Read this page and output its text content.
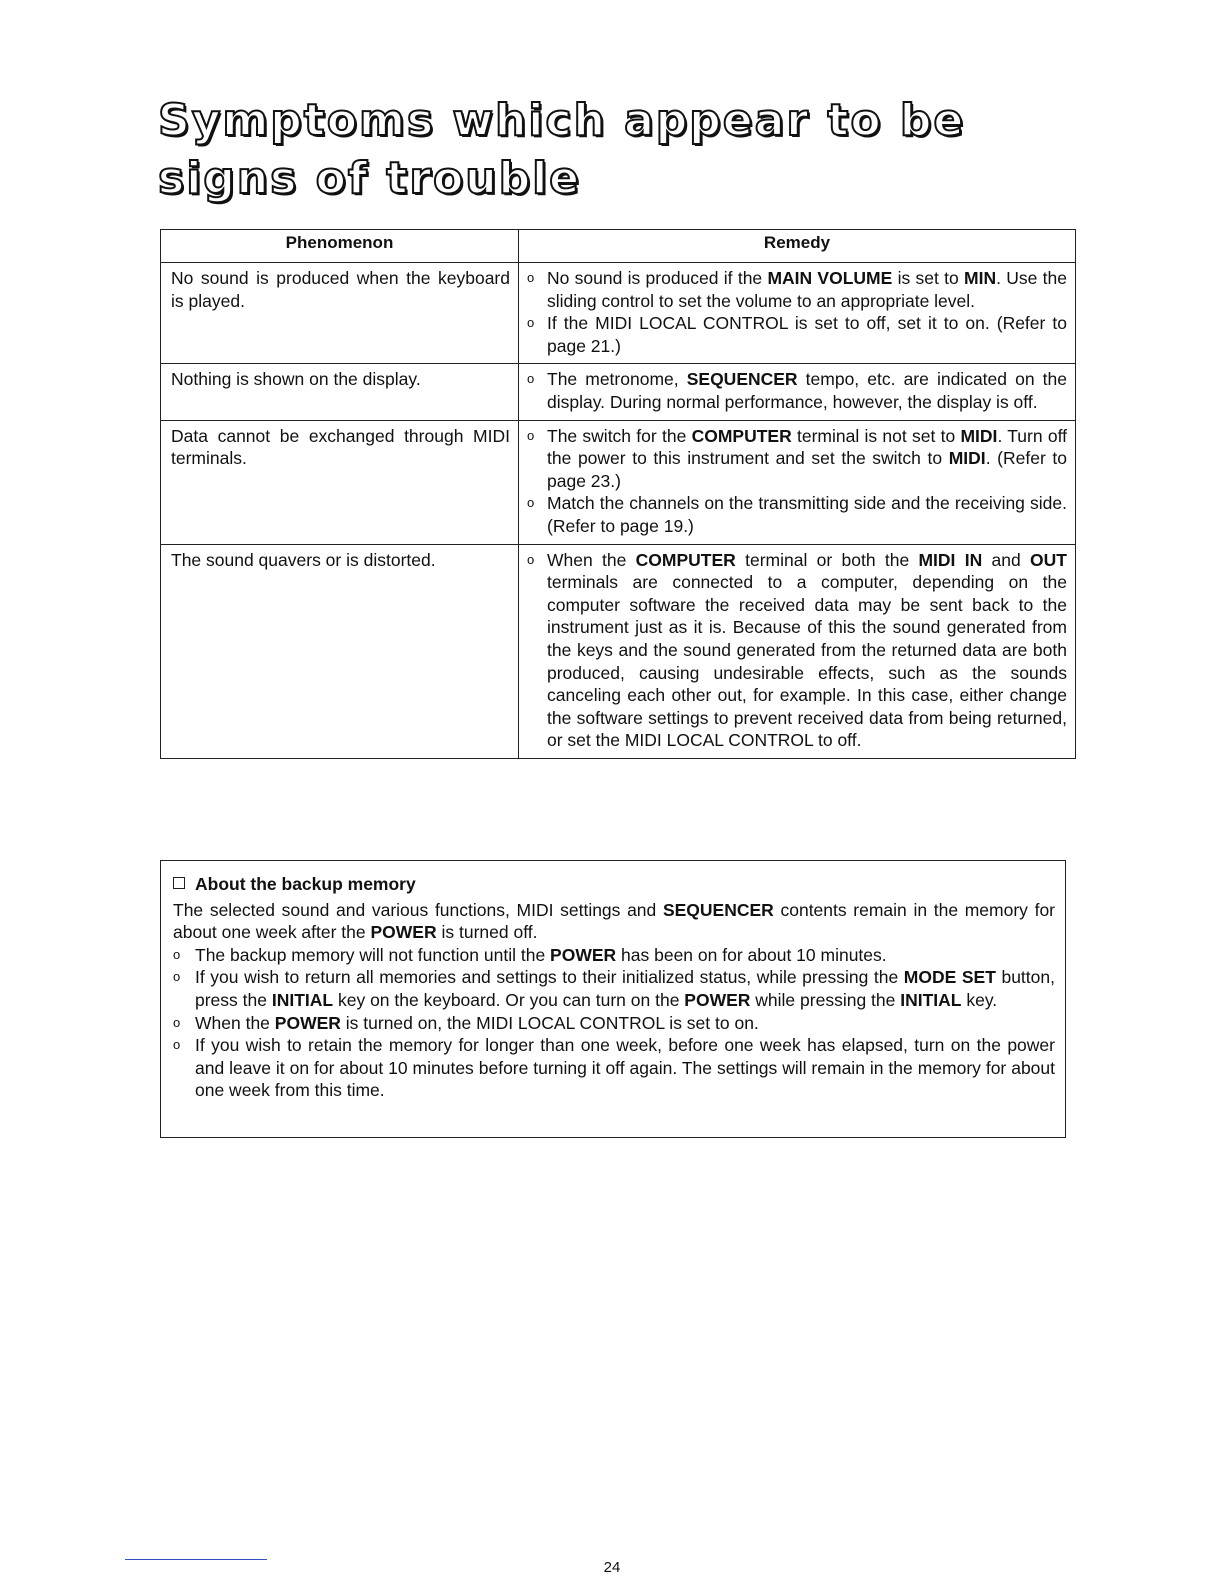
Symptoms which appear to be signs of trouble
Phenomenon	Remedy
No sound is produced when the keyboard is played.	o No sound is produced if the MAIN VOLUME is set to MIN. Use the sliding control to set the volume to an appropriate level.
o If the MIDI LOCAL CONTROL is set to off, set it to on. (Refer to page 21.)

Nothing is shown on the display.	o The metronome, SEQUENCER tempo, etc. are indicated on the display. During normal performance, however, the display is off.

Data cannot be exchanged through MIDI terminals.	o The switch for the COMPUTER terminal is not set to MIDI. Turn off the power to this instrument and set the switch to MIDI. (Refer to page 23.)
o Match the channels on the transmitting side and the receiving side. (Refer to page 19.)

The sound quavers or is distorted.	o When the COMPUTER terminal or both the MIDI IN and OUT terminals are connected to a computer, depending on the computer software the received data may be sent back to the instrument just as it is. Because of this the sound generated from the keys and the sound generated from the returned data are both produced, causing undesirable effects, such as the sounds canceling each other out, for example. In this case, either change the software settings to prevent received data from being returned, or set the MIDI LOCAL CONTROL to off.
About the backup memory
The selected sound and various functions, MIDI settings and SEQUENCER contents remain in the memory for about one week after the POWER is turned off.
o The backup memory will not function until the POWER has been on for about 10 minutes.
o If you wish to return all memories and settings to their initialized status, while pressing the MODE SET button, press the INITIAL key on the keyboard. Or you can turn on the POWER while pressing the INITIAL key.
o When the POWER is turned on, the MIDI LOCAL CONTROL is set to on.
o If you wish to retain the memory for longer than one week, before one week has elapsed, turn on the power and leave it on for about 10 minutes before turning it off again. The settings will remain in the memory for about one week from this time.
24
